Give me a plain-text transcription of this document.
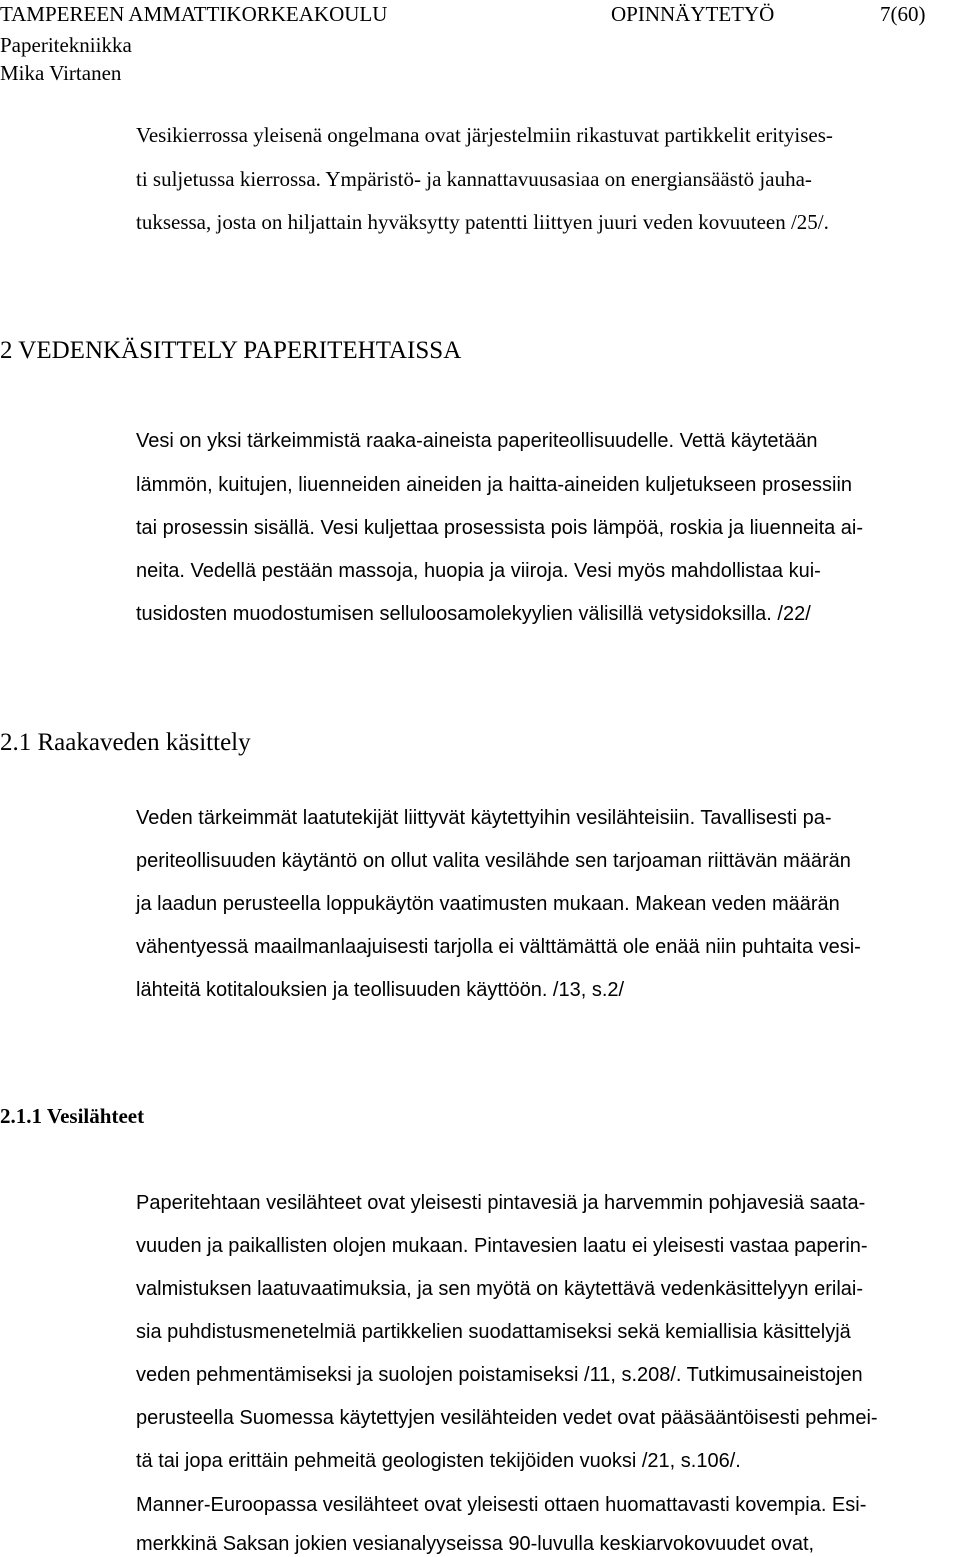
TAMPEREEN AMMATTIKORKEAKOULU	OPINNÄYTETYÖ	7(60)
Paperitekniikka
Mika Virtanen
Vesikierrossa yleisenä ongelmana ovat järjestelmiin rikastuvat partikkelit erityises-
ti suljetussa kierrossa. Ympäristö- ja kannattavuusasiaa on energiansäästö jauha-
tuksessa, josta on hiljattain hyväksytty patentti liittyen juuri veden kovuuteen /25/.
2 VEDENKÄSITTELY PAPERITEHTAISSA
Vesi on yksi tärkeimmistä raaka-aineista paperiteollisuudelle. Vettä käytetään
lämmön, kuitujen, liuenneiden aineiden ja haitta-aineiden kuljetukseen prosessiin
tai prosessin sisällä. Vesi kuljettaa prosessista pois lämpöä, roskia ja liuenneita ai-
neita. Vedellä pestään massoja, huopia ja viiroja. Vesi myös mahdollistaa kui-
tusidosten muodostumisen selluloosamolekyylien välisillä vetysidoksilla. /22/
2.1 Raakaveden käsittely
Veden tärkeimmät laatutekijät liittyvät käytettyihin vesilähteisiin. Tavallisesti pa-
periteollisuuden käytäntö on ollut valita vesilähde sen tarjoaman riittävän määrän
ja laadun perusteella loppukäytön vaatimusten mukaan. Makean veden määrän
vähentyessä maailmanlaajuisesti tarjolla ei välttämättä ole enää niin puhtaita vesi-
lähteitä kotitalouksien ja teollisuuden käyttöön. /13, s.2/
2.1.1 Vesilähteet
Paperitehtaan vesilähteet ovat yleisesti pintavesiä ja harvemmin pohjavesiä saata-
vuuden ja paikallisten olojen mukaan. Pintavesien laatu ei yleisesti vastaa paperin-
valmistuksen laatuvaatimuksia, ja sen myötä on käytettävä vedenkäsittelyyn erilai-
sia puhdistusmenetelmiä partikkelien suodattamiseksi sekä kemiallisia käsittelyjä
veden pehmentämiseksi ja suolojen poistamiseksi /11, s.208/. Tutkimusaineistojen
perusteella Suomessa käytettyjen vesilähteiden vedet ovat pääsääntöisesti pehmei-
tä tai jopa erittäin pehmeitä geologisten tekijöiden vuoksi /21, s.106/.
Manner-Euroopassa vesilähteet ovat yleisesti ottaen huomattavasti kovempia. Esi-
merkkinä Saksan jokien vesianalyyseissa 90-luvulla keskiarvokovuudet ovat,
